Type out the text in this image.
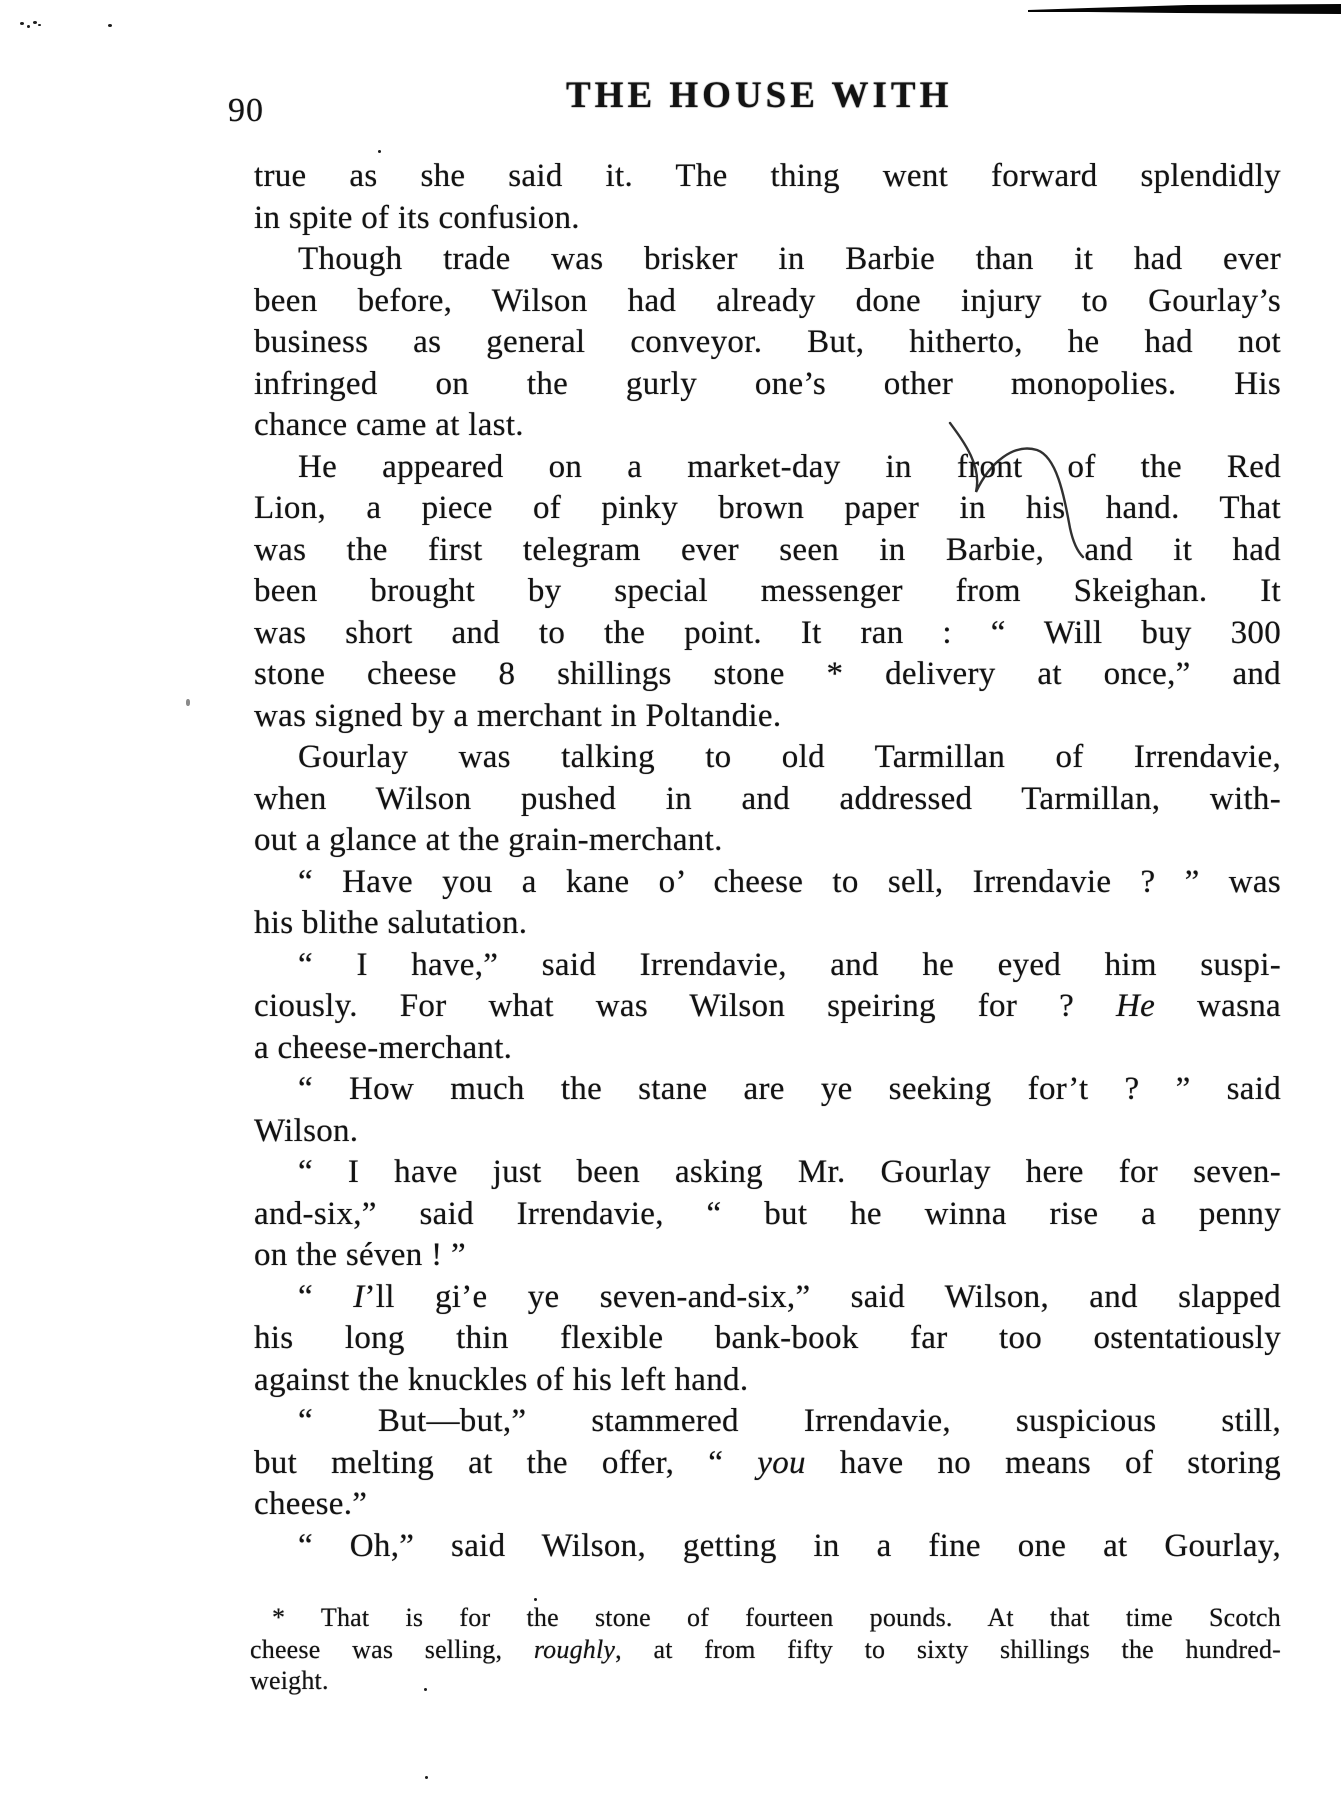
90	THE HOUSE WITH
true as she said it. The thing went forward splendidly
in spite of its confusion.
Though trade was brisker in Barbie than it had ever
been before, Wilson had already done injury to Gourlay’s
business as general conveyor. But, hitherto, he had not
infringed on the gurly one’s other monopolies. His
chance came at last.
He appeared on a market-day in front of the Red
Lion, a piece of pinky brown paper in his hand. That
was the first telegram ever seen in Barbie, and it had
been brought by special messenger from Skeighan. It
was short and to the point. It ran : “ Will buy 300
stone cheese 8 shillings stone * delivery at once,” and
was signed by a merchant in Poltandie.
Gourlay was talking to old Tarmillan of Irrendavie,
when Wilson pushed in and addressed Tarmillan, with-
out a glance at the grain-merchant.
“ Have you a kane o’ cheese to sell, Irrendavie ? ” was
his blithe salutation.
“ I have,” said Irrendavie, and he eyed him suspi-
ciously. For what was Wilson speiring for ? He wasna
a cheese-merchant.
“ How much the stane are ye seeking for’t ? ” said
Wilson.
“ I have just been asking Mr. Gourlay here for seven-
and-six,” said Irrendavie, “ but he winna rise a penny
on the séven ! ”
“ I’ll gi’e ye seven-and-six,” said Wilson, and slapped
his long thin flexible bank-book far too ostentatiously
against the knuckles of his left hand.
“ But—but,” stammered Irrendavie, suspicious still,
but melting at the offer, “ you have no means of storing
cheese.”
“ Oh,” said Wilson, getting in a fine one at Gourlay,
* That is for the stone of fourteen pounds. At that time Scotch
cheese was selling, roughly, at from fifty to sixty shillings the hundred-
weight.
